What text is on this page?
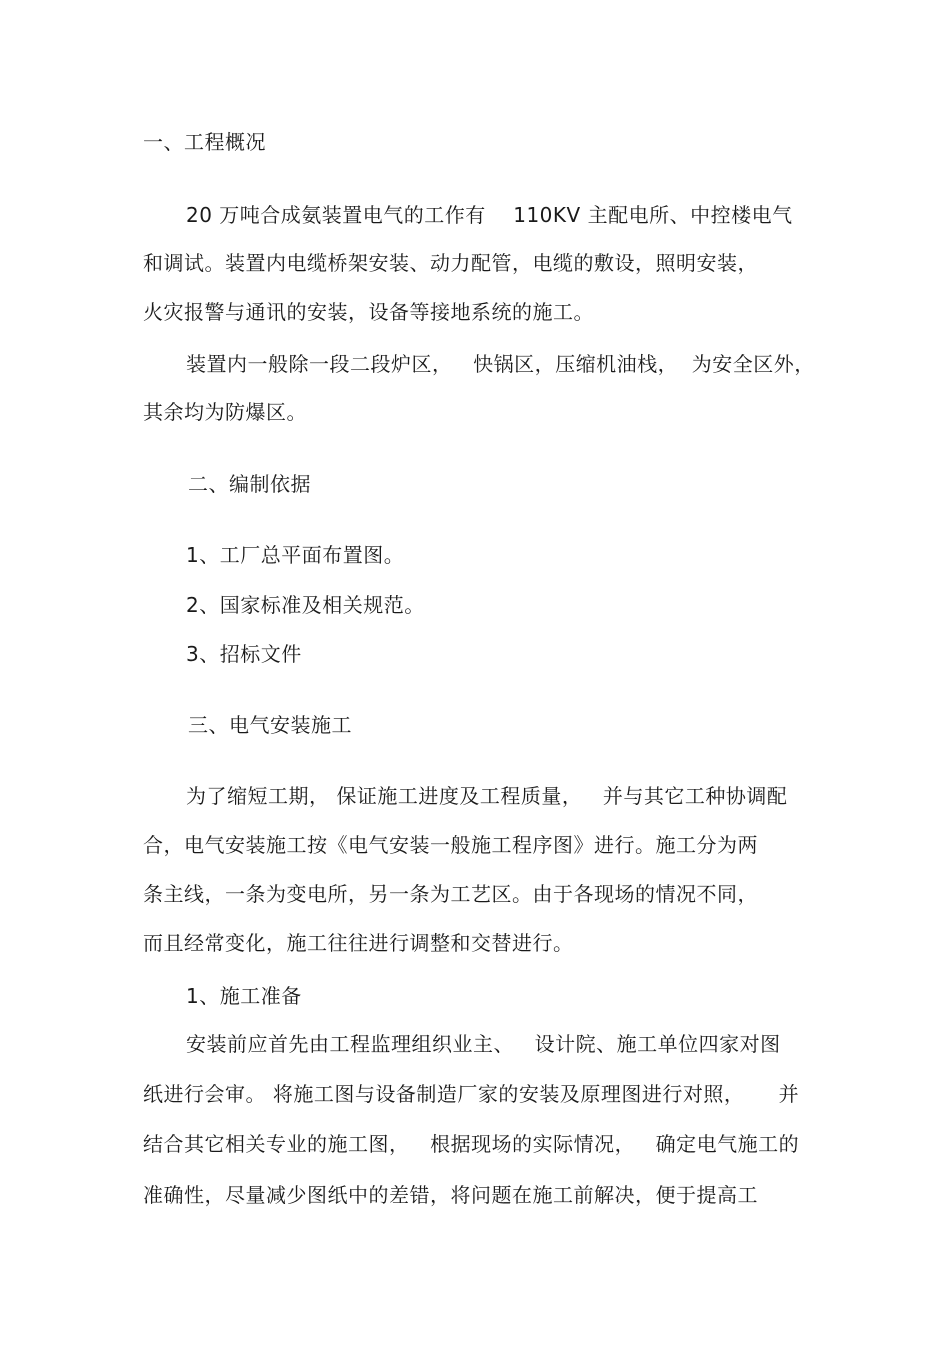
一、工程概况
20 万吨合成氨装置电气的工作有    110KV 主配电所、中控楼电气
和调试。装置内电缆桥架安装、动力配管，电缆的敷设，照明安装，
火灾报警与通讯的安装，设备等接地系统的施工。
装置内一般除一段二段炉区，   快锅区，压缩机油栈，  为安全区外，
其余均为防爆区。
二、编制依据
1、工厂总平面布置图。
2、国家标准及相关规范。
3、招标文件
三、电气安装施工
为了缩短工期， 保证施工进度及工程质量，   并与其它工种协调配
合，电气安装施工按《电气安装一般施工程序图》进行。施工分为两
条主线，一条为变电所，另一条为工艺区。由于各现场的情况不同，
而且经常变化，施工往往进行调整和交替进行。
1、施工准备
安装前应首先由工程监理组织业主、   设计院、施工单位四家对图
纸进行会审。 将施工图与设备制造厂家的安装及原理图进行对照，     并
结合其它相关专业的施工图，   根据现场的实际情况，   确定电气施工的
准确性，尽量减少图纸中的差错，将问题在施工前解决，便于提高工
